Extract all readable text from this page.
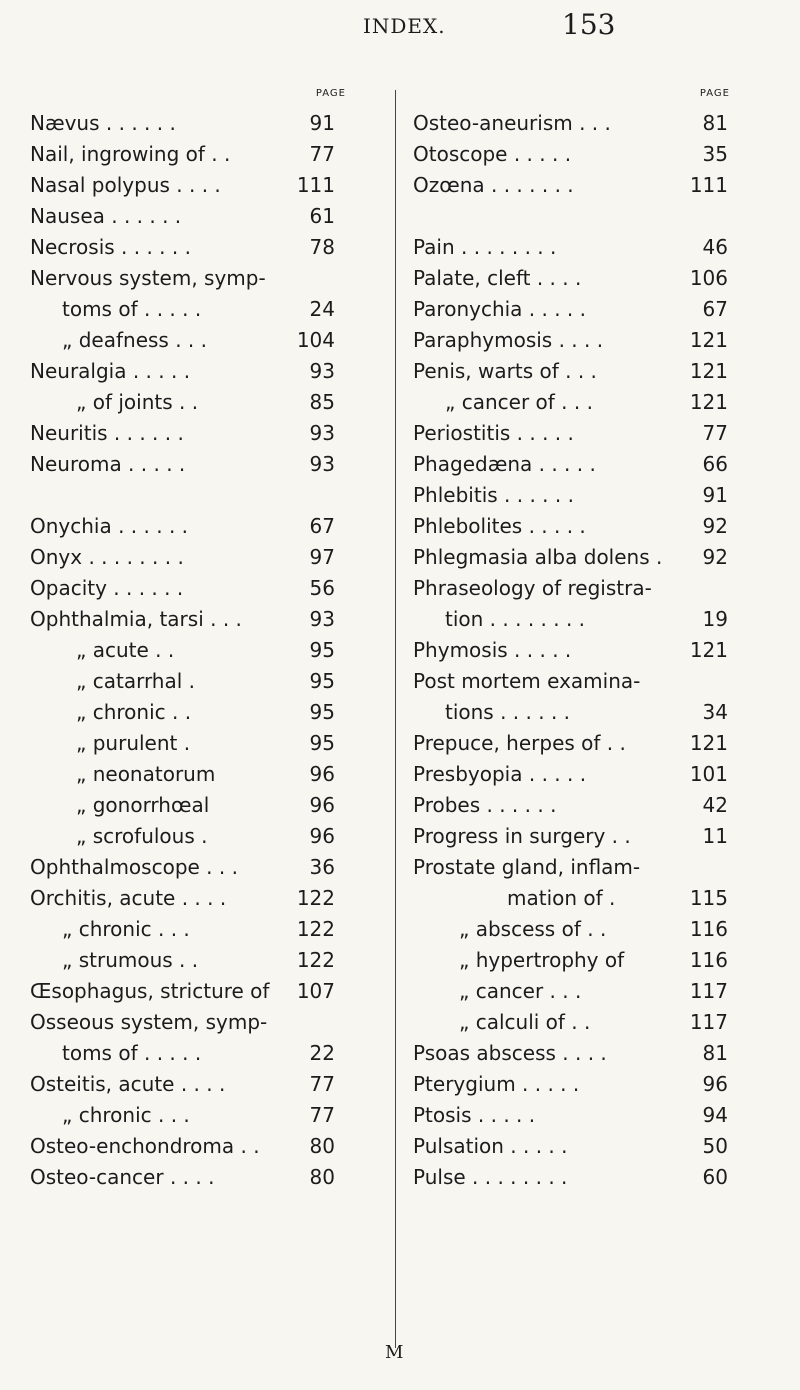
INDEX.	153
PAGE
Nævus . . . . . .	91
Nail, ingrowing of . .	77
Nasal polypus . . . .	111
Nausea . . . . . .	61
Necrosis . . . . . .	78
Nervous system, symp-
toms of . . . . .	24
„ deafness . . .	104
Neuralgia . . . . .	93
„ of joints . .	85
Neuritis . . . . . .	93
Neuroma . . . . .	93
Onychia . . . . . .	67
Onyx . . . . . . . .	97
Opacity . . . . . .	56
Ophthalmia, tarsi . . .	93
„ acute . .	95
„ catarrhal .	95
„ chronic . .	95
„ purulent .	95
„ neonatorum	96
„ gonorrhœal	96
„ scrofulous .	96
Ophthalmoscope . . .	36
Orchitis, acute . . . .	122
„ chronic . . .	122
„ strumous . .	122
Œsophagus, stricture of 107
Osseous system, symp-
toms of . . . . .	22
Osteitis, acute . . . .	77
„ chronic . . .	77
Osteo-enchondroma . . 80
Osteo-cancer . . . .	80
PAGE
Osteo-aneurism . . .	81
Otoscope . . . . .	35
Ozœna . . . . . . .	111
Pain . . . . . . . .	46
Palate, cleft . . . .	106
Paronychia . . . . .	67
Paraphymosis . . . .	121
Penis, warts of . . .	121
„ cancer of . . .	121
Periostitis . . . . .	77
Phagedæna . . . . .	66
Phlebitis . . . . . .	91
Phlebolites . . . . .	92
Phlegmasia alba dolens . 92
Phraseology of registra-
tion . . . . . . . .	19
Phymosis . . . . .	121
Post mortem examina-
tions . . . . . .	34
Prepuce, herpes of . .	121
Presbyopia . . . . .	101
Probes . . . . . .	42
Progress in surgery . .	11
Prostate gland, inflam-
mation of .	115
„ abscess of . .	116
„ hypertrophy of	116
„ cancer . . .	117
„ calculi of . .	117
Psoas abscess . . . .	81
Pterygium . . . . .	96
Ptosis . . . . .	94
Pulsation . . . . .	50
Pulse . . . . . . . .	60
M
